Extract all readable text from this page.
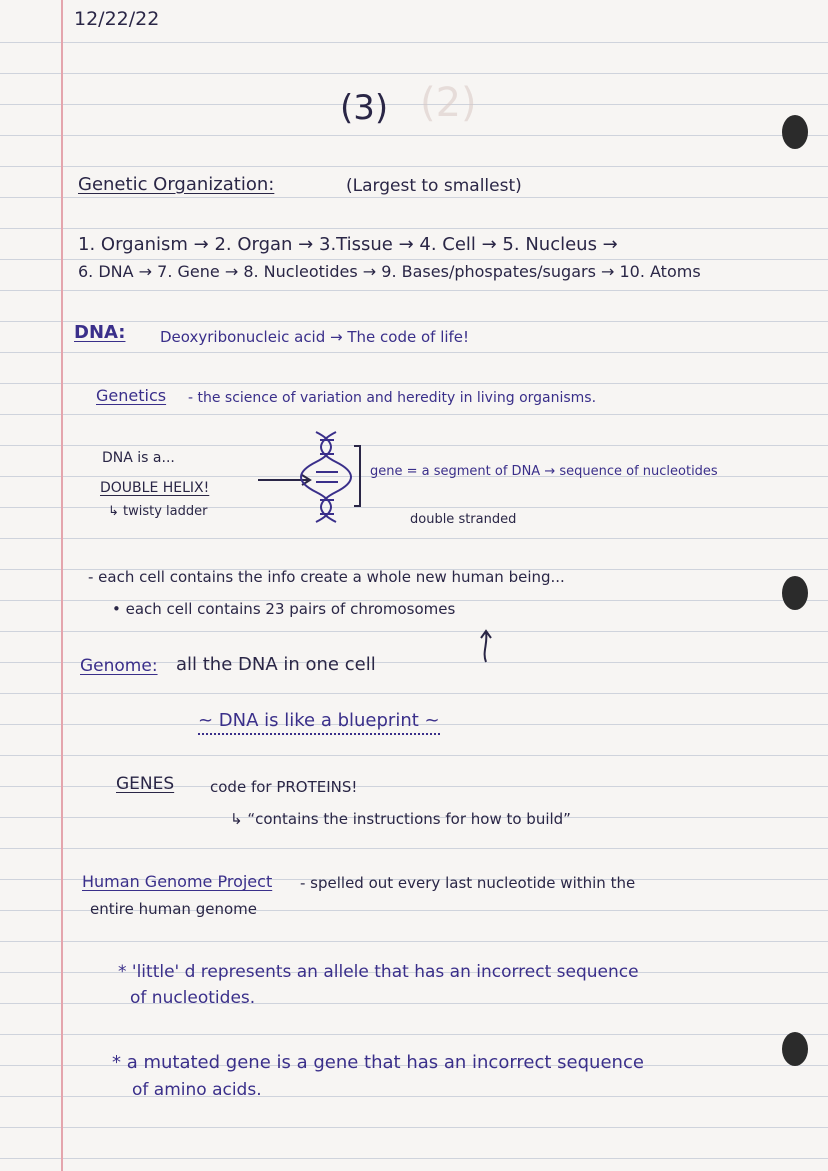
(2)
12/22/22
(3)
Genetic Organization:	(Largest to smallest)
1. Organism → 2. Organ → 3.Tissue → 4. Cell → 5. Nucleus →
6. DNA → 7. Gene → 8. Nucleotides → 9. Bases/phospates/sugars → 10. Atoms
DNA: Deoxyribonucleic acid → The code of life!
Genetics - the science of variation and heredity in living organisms.
DNA is a...
DOUBLE HELIX!
↳ twisty ladder
gene = a segment of DNA → sequence of nucleotides
double stranded
- each cell contains the info create a whole new human being...
• each cell contains 23 pairs of chromosomes
Genome: all the DNA in one cell
~ DNA is like a blueprint ~
GENES code for PROTEINS!
↳ “contains the instructions for how to build”
Human Genome Project - spelled out every last nucleotide within the
entire human genome
* 'little' d represents an allele that has an incorrect sequence
of nucleotides.
* a mutated gene is a gene that has an incorrect sequence
of amino acids.
